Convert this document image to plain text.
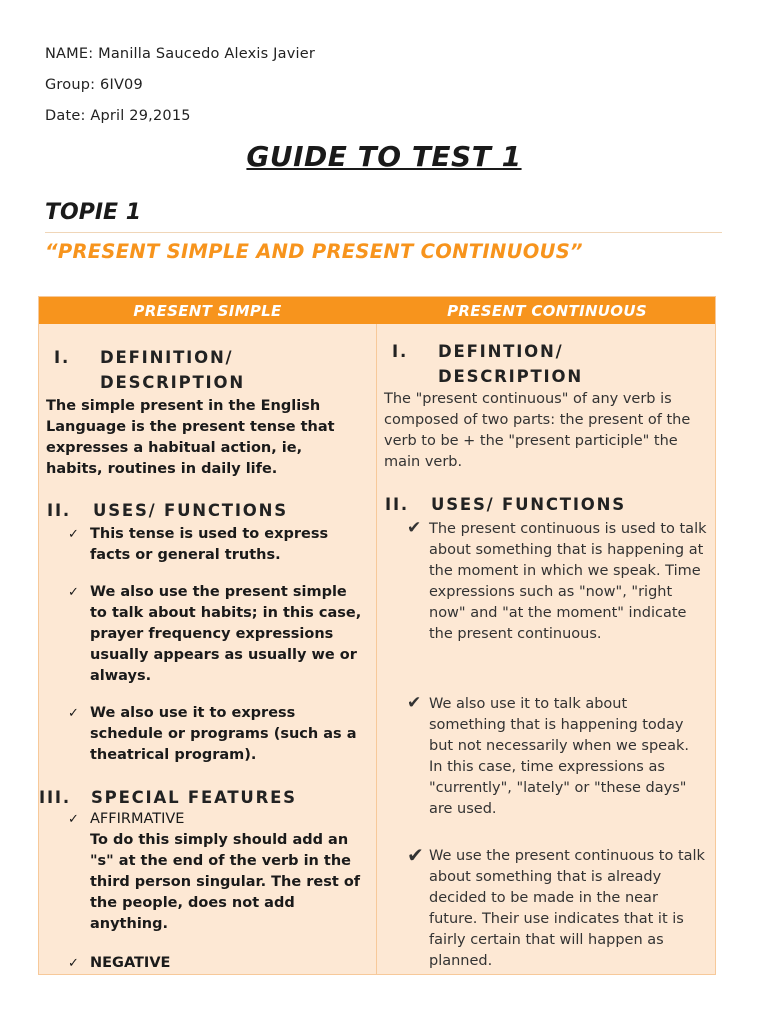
NAME: Manilla Saucedo Alexis Javier
Group: 6IV09
Date: April 29,2015
GUIDE TO TEST 1
TOPIE 1
“PRESENT SIMPLE AND PRESENT CONTINUOUS”
PRESENT SIMPLE	PRESENT CONTINUOUS
I.	DEFINITION/
DESCRIPTION
The simple present in the English Language is the present tense that expresses a habitual action, ie, habits, routines in daily life.
II.	USES/ FUNCTIONS
✓ This tense is used to express facts or general truths.
✓ We also use the present simple to talk about habits; in this case, prayer frequency expressions usually appears as usually we or always.
✓ We also use it to express schedule or programs (such as a theatrical program).
III.	SPECIAL FEATURES
✓ AFFIRMATIVE
To do this simply should add an "s" at the end of the verb in the third person singular. The rest of the people, does not add anything.
✓ NEGATIVE
I.	DEFINTION/
DESCRIPTION
The "present continuous" of any verb is composed of two parts: the present of the verb to be + the "present participle" the main verb.
II.	USES/ FUNCTIONS
✔ The present continuous is used to talk about something that is happening at the moment in which we speak. Time expressions such as "now", "right now" and "at the moment" indicate the present continuous.
✔ We also use it to talk about something that is happening today but not necessarily when we speak. In this case, time expressions as "currently", "lately" or "these days" are used.
✔ We use the present continuous to talk about something that is already decided to be made in the near future. Their use indicates that it is fairly certain that will happen as planned.
